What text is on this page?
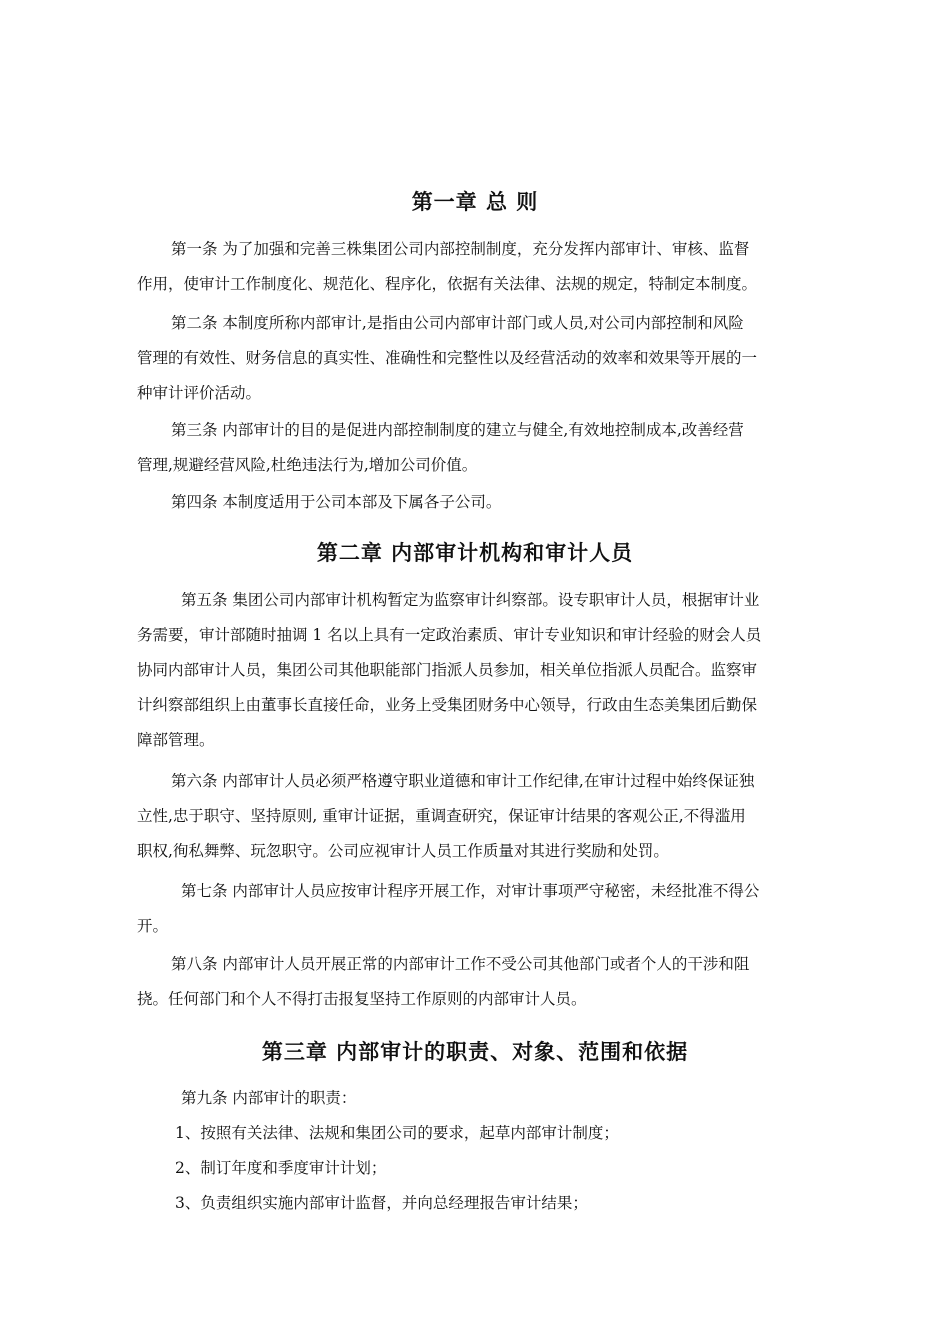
第一章 总 则
第一条 为了加强和完善三株集团公司内部控制制度，充分发挥内部审计、审核、监督
作用，使审计工作制度化、规范化、程序化，依据有关法律、法规的规定，特制定本制度。
第二条 本制度所称内部审计,是指由公司内部审计部门或人员,对公司内部控制和风险
管理的有效性、财务信息的真实性、准确性和完整性以及经营活动的效率和效果等开展的一
种审计评价活动。
第三条 内部审计的目的是促进内部控制制度的建立与健全,有效地控制成本,改善经营
管理,规避经营风险,杜绝违法行为,增加公司价值。
第四条 本制度适用于公司本部及下属各子公司。
第二章 内部审计机构和审计人员
第五条 集团公司内部审计机构暂定为监察审计纠察部。设专职审计人员，根据审计业
务需要，审计部随时抽调 1 名以上具有一定政治素质、审计专业知识和审计经验的财会人员
协同内部审计人员，集团公司其他职能部门指派人员参加，相关单位指派人员配合。监察审
计纠察部组织上由董事长直接任命，业务上受集团财务中心领导，行政由生态美集团后勤保
障部管理。
第六条 内部审计人员必须严格遵守职业道德和审计工作纪律,在审计过程中始终保证独
立性,忠于职守、坚持原则, 重审计证据，重调查研究，保证审计结果的客观公正,不得滥用
职权,徇私舞弊、玩忽职守。公司应视审计人员工作质量对其进行奖励和处罚。
第七条 内部审计人员应按审计程序开展工作，对审计事项严守秘密，未经批准不得公
开。
第八条 内部审计人员开展正常的内部审计工作不受公司其他部门或者个人的干涉和阻
挠。任何部门和个人不得打击报复坚持工作原则的内部审计人员。
第三章 内部审计的职责、对象、范围和依据
第九条 内部审计的职责：
1、按照有关法律、法规和集团公司的要求，起草内部审计制度；
2、制订年度和季度审计计划；
3、负责组织实施内部审计监督，并向总经理报告审计结果；
